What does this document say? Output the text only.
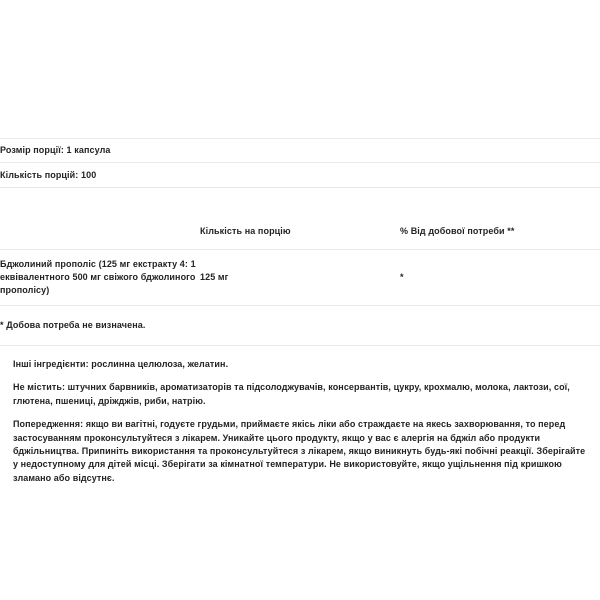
Розмір порції: 1 капсула		
Кількість порцій: 100		
	Кількість на порцію	% Від добової потреби **

Бджолиний прополіс (125 мг екстракту 4: 1 еквівалентного 500 мг свіжого бджолиного прополісу)	125 мг	*
* Добова потреба не визначена.		

Інші інгредієнти: рослинна целюлоза, желатин.

Не містить: штучних барвників, ароматизаторів та підсолоджувачів, консервантів, цукру, крохмалю, молока, лактози, сої, глютена, пшениці, дріжджів, риби, натрію.

Попередження: якщо ви вагітні, годуєте грудьми, приймаєте якісь ліки або страждаєте на якесь захворювання, то перед застосуванням проконсультуйтеся з лікарем. Уникайте цього продукту, якщо у вас є алергія на бджіл або продукти бджільництва. Припиніть використання та проконсультуйтеся з лікарем, якщо виникнуть будь-які побічні реакції. Зберігайте у недоступному для дітей місці. Зберігати за кімнатної температури. Не використовуйте, якщо ущільнення під кришкою зламано або відсутнє.
